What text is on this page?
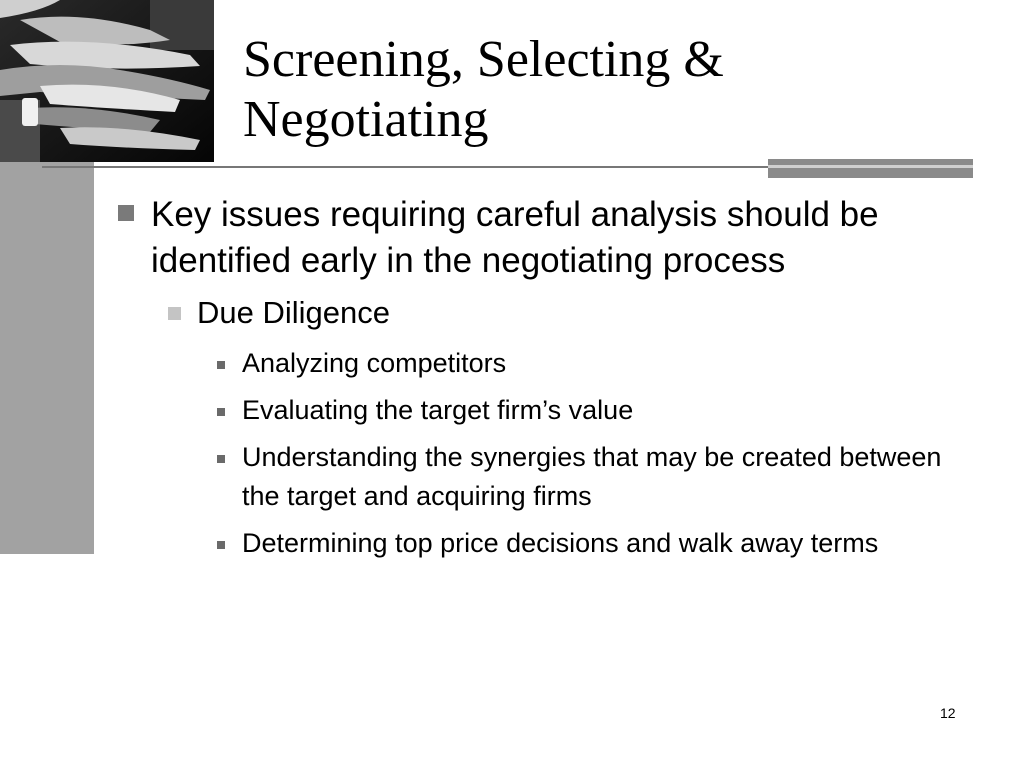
Screening, Selecting & Negotiating
Key issues requiring careful analysis should be identified early in the negotiating process
Due Diligence
Analyzing competitors
Evaluating the target firm’s value
Understanding the synergies that may be created between the target and acquiring firms
Determining top price decisions and walk away terms
12
